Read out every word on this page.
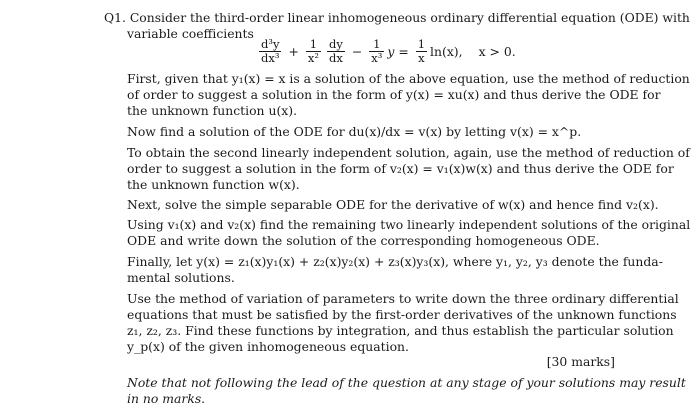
Q1. Consider the third-order linear inhomogeneous ordinary differential equation (ODE) with
variable coefficients
$\frac{\text{d³y}}{\text{dx³}} + \frac{1}{\text{x²}} \frac{dy}{dx} - \frac{1}{\text{x³}}$ $y = \frac{1}{x} \ln(x)$, x > 0.
First, given that y₁(x) = x is a solution of the above equation, use the method of reduction
of order to suggest a solution in the form of y(x) = xu(x) and thus derive the ODE for
the unknown function u(x).
Now find a solution of the ODE for du(x)/dx = v(x) by letting v(x) = x^p.
To obtain the second linearly independent solution, again, use the method of reduction of
order to suggest a solution in the form of v₂(x) = v₁(x)w(x) and thus derive the ODE for
the unknown function w(x).
Next, solve the simple separable ODE for the derivative of w(x) and hence find v₂(x).
Using v₁(x) and v₂(x) find the remaining two linearly independent solutions of the original
ODE and write down the solution of the corresponding homogeneous ODE.
Finally, let y(x) = z₁(x)y₁(x) + z₂(x)y₂(x) + z₃(x)y₃(x), where y₁, y₂, y₃ denote the funda-
mental solutions.
Use the method of variation of parameters to write down the three ordinary differential
equations that must be satisfied by the first-order derivatives of the unknown functions
z₁, z₂, z₃. Find these functions by integration, and thus establish the particular solution
y_p(x) of the given inhomogeneous equation.
[30 marks]
Note that not following the lead of the question at any stage of your solutions may result
in no marks.
